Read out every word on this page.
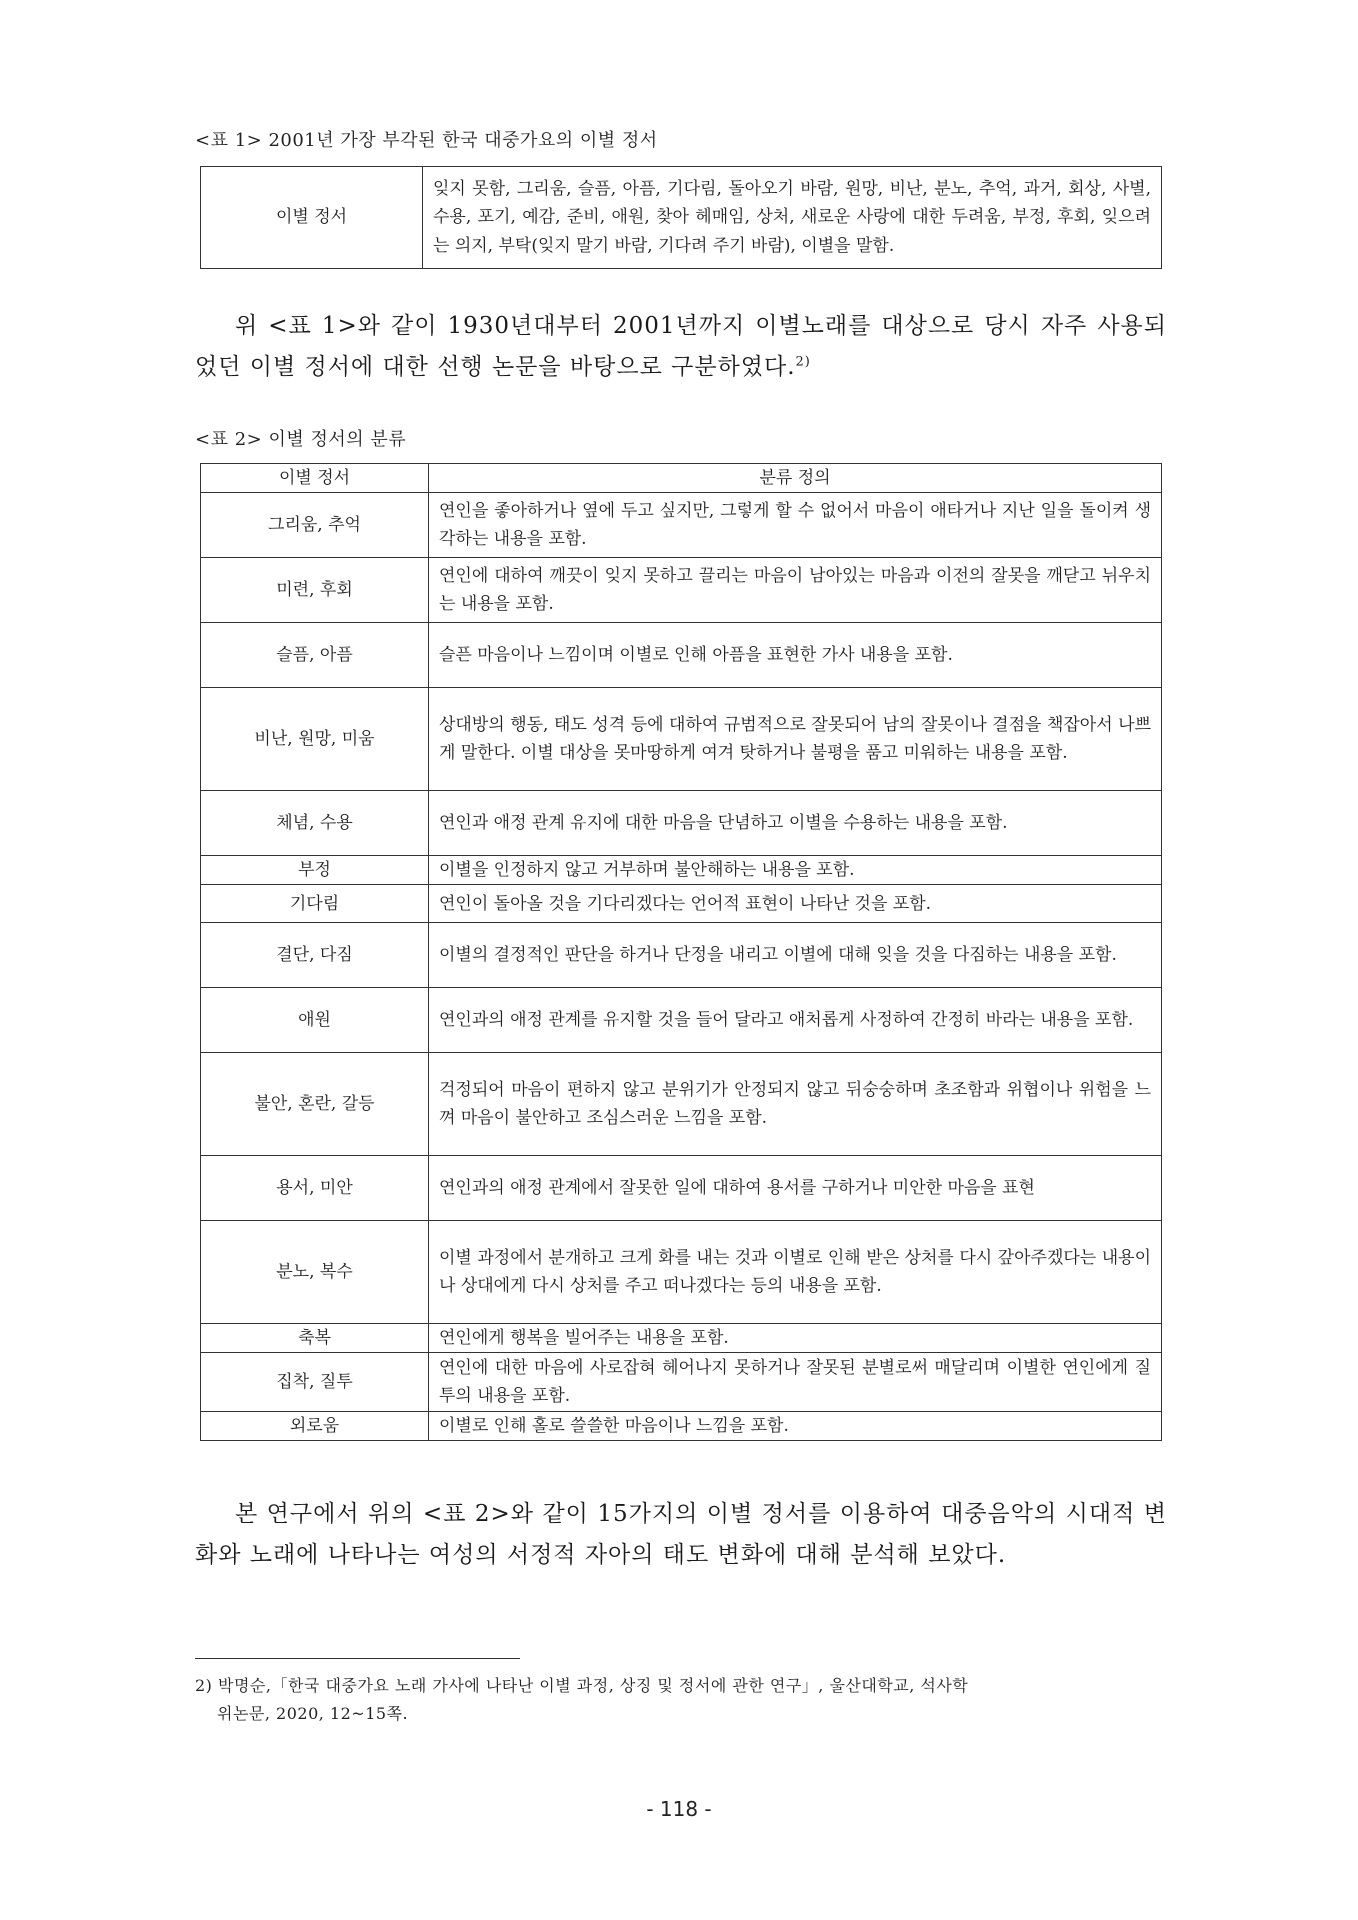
<표 1> 2001년 가장 부각된 한국 대중가요의 이별 정서
이별 정서	잊지 못함, 그리움, 슬픔, 아픔, 기다림, 돌아오기 바람, 원망, 비난, 분노, 추억, 과거, 회상, 사별, 수용, 포기, 예감, 준비, 애원, 찾아 헤매임, 상처, 새로운 사랑에 대한 두려움, 부정, 후회, 잊으려는 의지, 부탁(잊지 말기 바람, 기다려 주기 바람), 이별을 말함.
위 <표 1>와 같이 1930년대부터 2001년까지 이별노래를 대상으로 당시 자주 사용되었던 이별 정서에 대한 선행 논문을 바탕으로 구분하였다.$^{2)}$
<표 2> 이별 정서의 분류
이별 정서	분류 정의
그리움, 추억	연인을 좋아하거나 옆에 두고 싶지만, 그렇게 할 수 없어서 마음이 애타거나 지난 일을 돌이켜 생각하는 내용을 포함.
미련, 후회	연인에 대하여 깨끗이 잊지 못하고 끌리는 마음이 남아있는 마음과 이전의 잘못을 깨닫고 뉘우치는 내용을 포함.
슬픔, 아픔	슬픈 마음이나 느낌이며 이별로 인해 아픔을 표현한 가사 내용을 포함.
비난, 원망, 미움	상대방의 행동, 태도 성격 등에 대하여 규범적으로 잘못되어 남의 잘못이나 결점을 책잡아서 나쁘게 말한다. 이별 대상을 못마땅하게 여겨 탓하거나 불평을 품고 미워하는 내용을 포함.
체념, 수용	연인과 애정 관계 유지에 대한 마음을 단념하고 이별을 수용하는 내용을 포함.
부정	이별을 인정하지 않고 거부하며 불안해하는 내용을 포함.
기다림	연인이 돌아올 것을 기다리겠다는 언어적 표현이 나타난 것을 포함.
결단, 다짐	이별의 결정적인 판단을 하거나 단정을 내리고 이별에 대해 잊을 것을 다짐하는 내용을 포함.
애원	연인과의 애정 관계를 유지할 것을 들어 달라고 애처롭게 사정하여 간정히 바라는 내용을 포함.
불안, 혼란, 갈등	걱정되어 마음이 편하지 않고 분위기가 안정되지 않고 뒤숭숭하며 초조함과 위협이나 위험을 느껴 마음이 불안하고 조심스러운 느낌을 포함.
용서, 미안	연인과의 애정 관계에서 잘못한 일에 대하여 용서를 구하거나 미안한 마음을 표현
분노, 복수	이별 과정에서 분개하고 크게 화를 내는 것과 이별로 인해 받은 상처를 다시 갚아주겠다는 내용이나 상대에게 다시 상처를 주고 떠나겠다는 등의 내용을 포함.
축복	연인에게 행복을 빌어주는 내용을 포함.
집착, 질투	연인에 대한 마음에 사로잡혀 헤어나지 못하거나 잘못된 분별로써 매달리며 이별한 연인에게 질투의 내용을 포함.
외로움	이별로 인해 홀로 쓸쓸한 마음이나 느낌을 포함.
본 연구에서 위의 <표 2>와 같이 15가지의 이별 정서를 이용하여 대중음악의 시대적 변화와 노래에 나타나는 여성의 서정적 자아의 태도 변화에 대해 분석해 보았다.
2) 박명순,「한국 대중가요 노래 가사에 나타난 이별 과정, 상징 및 정서에 관한 연구」, 울산대학교, 석사학
위논문, 2020, 12~15쪽.
- 118 -
